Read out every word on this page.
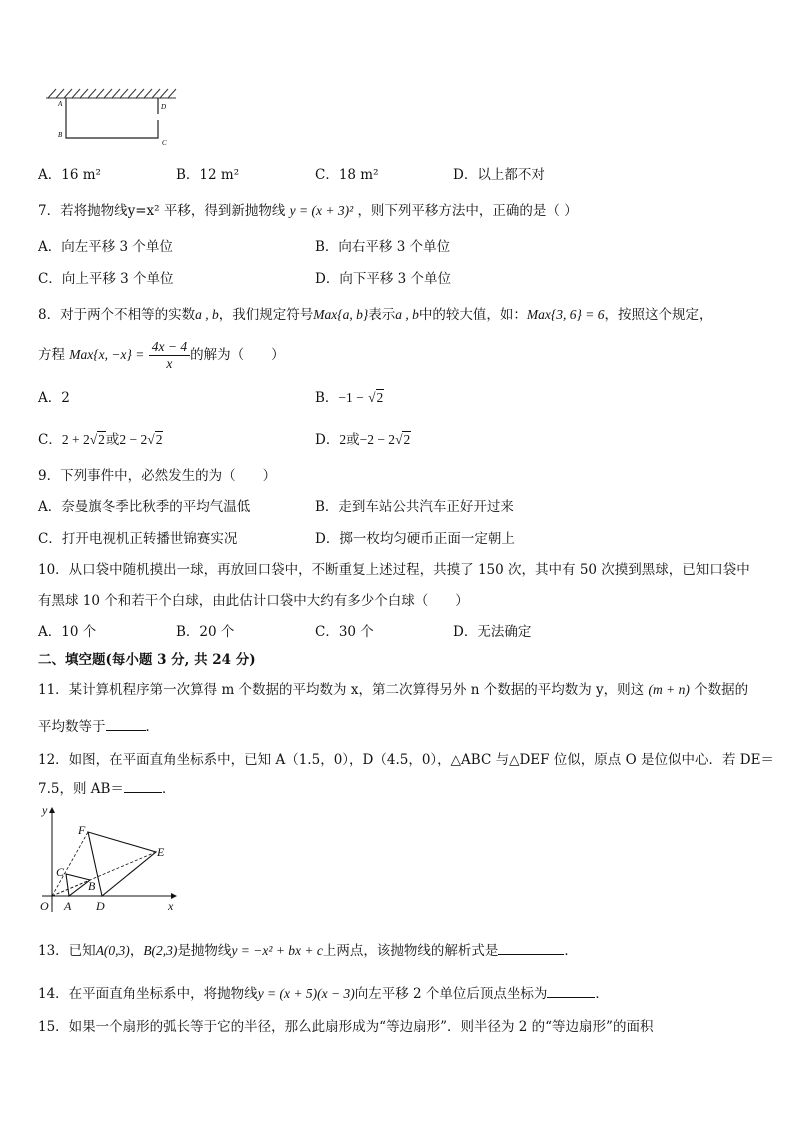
A
B
D
C
A．16 m²	B．12 m²	C．18 m²	D．以上都不对
7．若将抛物线y=x² 平移，得到新抛物线 y = (x + 3)² ，则下列平移方法中，正确的是（ ）
A．向左平移 3 个单位	B．向右平移 3 个单位
C．向上平移 3 个单位	D．向下平移 3 个单位
8．对于两个不相等的实数a , b，我们规定符号Max{a, b}表示a , b中的较大值，如：Max{3, 6} = 6，按照这个规定，
方程 Max{x, $-x\} = \frac{4x - 4}{x}$ 的解为（　　）
A．2	B．−1 − √2
C．2 + 2√2或2 − 2√2	D．2或−2 − 2√2
9．下列事件中，必然发生的为（　　）
A．奈曼旗冬季比秋季的平均气温低	B．走到车站公共汽车正好开过来
C．打开电视机正转播世锦赛实况	D．掷一枚均匀硬币正面一定朝上
10．从口袋中随机摸出一球，再放回口袋中，不断重复上述过程，共摸了 150 次，其中有 50 次摸到黑球，已知口袋中
有黑球 10 个和若干个白球，由此估计口袋中大约有多少个白球（　　）
A．10 个	B．20 个	C．30 个	D．无法确定
二、填空题(每小题 3 分, 共 24 分)
11．某计算机程序第一次算得 m 个数据的平均数为 x，第二次算得另外 n 个数据的平均数为 y，则这 (m + n) 个数据的
平均数等于	．
12．如图，在平面直角坐标系中，已知 A（1.5，0），D（4.5，0），△ABC 与△DEF 位似，原点 O 是位似中心．若 DE＝
7.5，则 AB＝	．
y
x
O A D
C
B
F
E
13．已知A(0,3)，B(2,3)是抛物线y = −x² + bx + c上两点，该抛物线的解析式是	．
14．在平面直角坐标系中，将抛物线y = (x + 5)(x − 3)向左平移 2 个单位后顶点坐标为	．
15．如果一个扇形的弧长等于它的半径，那么此扇形成为“等边扇形”．则半径为 2 的“等边扇形”的面积
